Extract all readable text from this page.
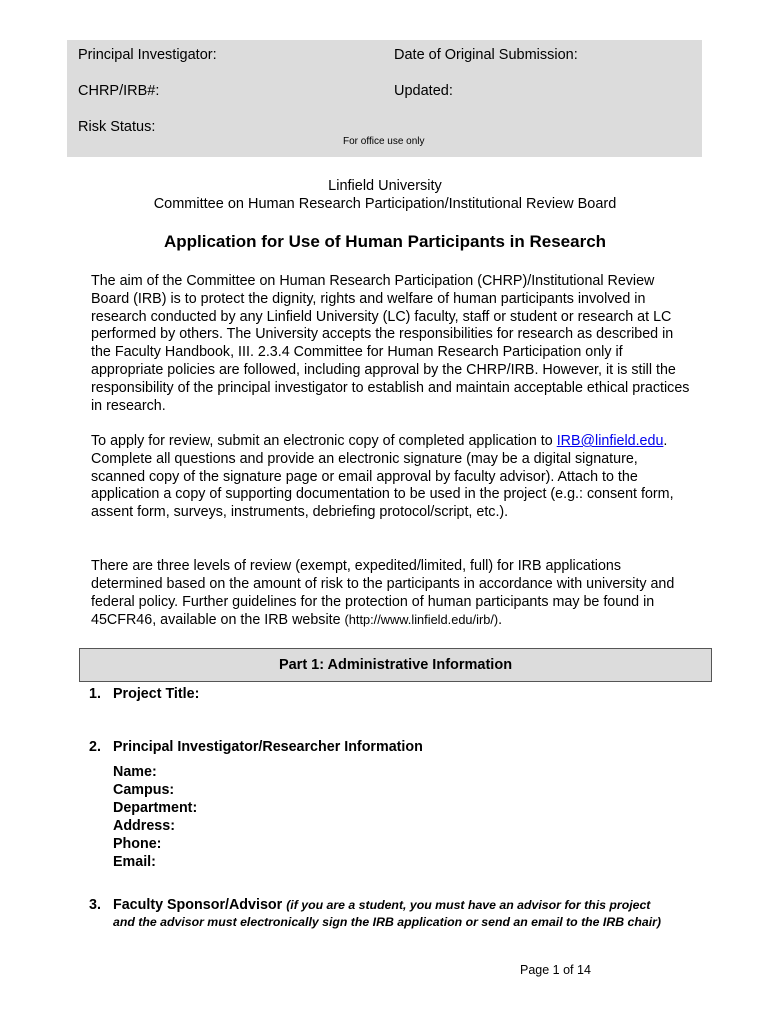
Principal Investigator:	Date of Original Submission:
CHRP/IRB#:	Updated:
Risk Status:
For office use only
Linfield University
Committee on Human Research Participation/Institutional Review Board
Application for Use of Human Participants in Research

The aim of the Committee on Human Research Participation (CHRP)/Institutional Review Board (IRB) is to protect the dignity, rights and welfare of human participants involved in research conducted by any Linfield University (LC) faculty, staff or student or research at LC performed by others. The University accepts the responsibilities for research as described in the Faculty Handbook, III. 2.3.4 Committee for Human Research Participation only if appropriate policies are followed, including approval by the CHRP/IRB. However, it is still the responsibility of the principal investigator to establish and maintain acceptable ethical practices in research.

To apply for review, submit an electronic copy of completed application to IRB@linfield.edu. Complete all questions and provide an electronic signature (may be a digital signature, scanned copy of the signature page or email approval by faculty advisor). Attach to the application a copy of supporting documentation to be used in the project (e.g.: consent form, assent form, surveys, instruments, debriefing protocol/script, etc.).

There are three levels of review (exempt, expedited/limited, full) for IRB applications determined based on the amount of risk to the participants in accordance with university and federal policy. Further guidelines for the protection of human participants may be found in 45CFR46, available on the IRB website (http://www.linfield.edu/irb/).

Part 1: Administrative Information
1. Project Title:
2. Principal Investigator/Researcher Information
Name:
Campus:
Department:
Address:
Phone:
Email:
3. Faculty Sponsor/Advisor (if you are a student, you must have an advisor for this project
and the advisor must electronically sign the IRB application or send an email to the IRB chair)
Page 1 of 14
